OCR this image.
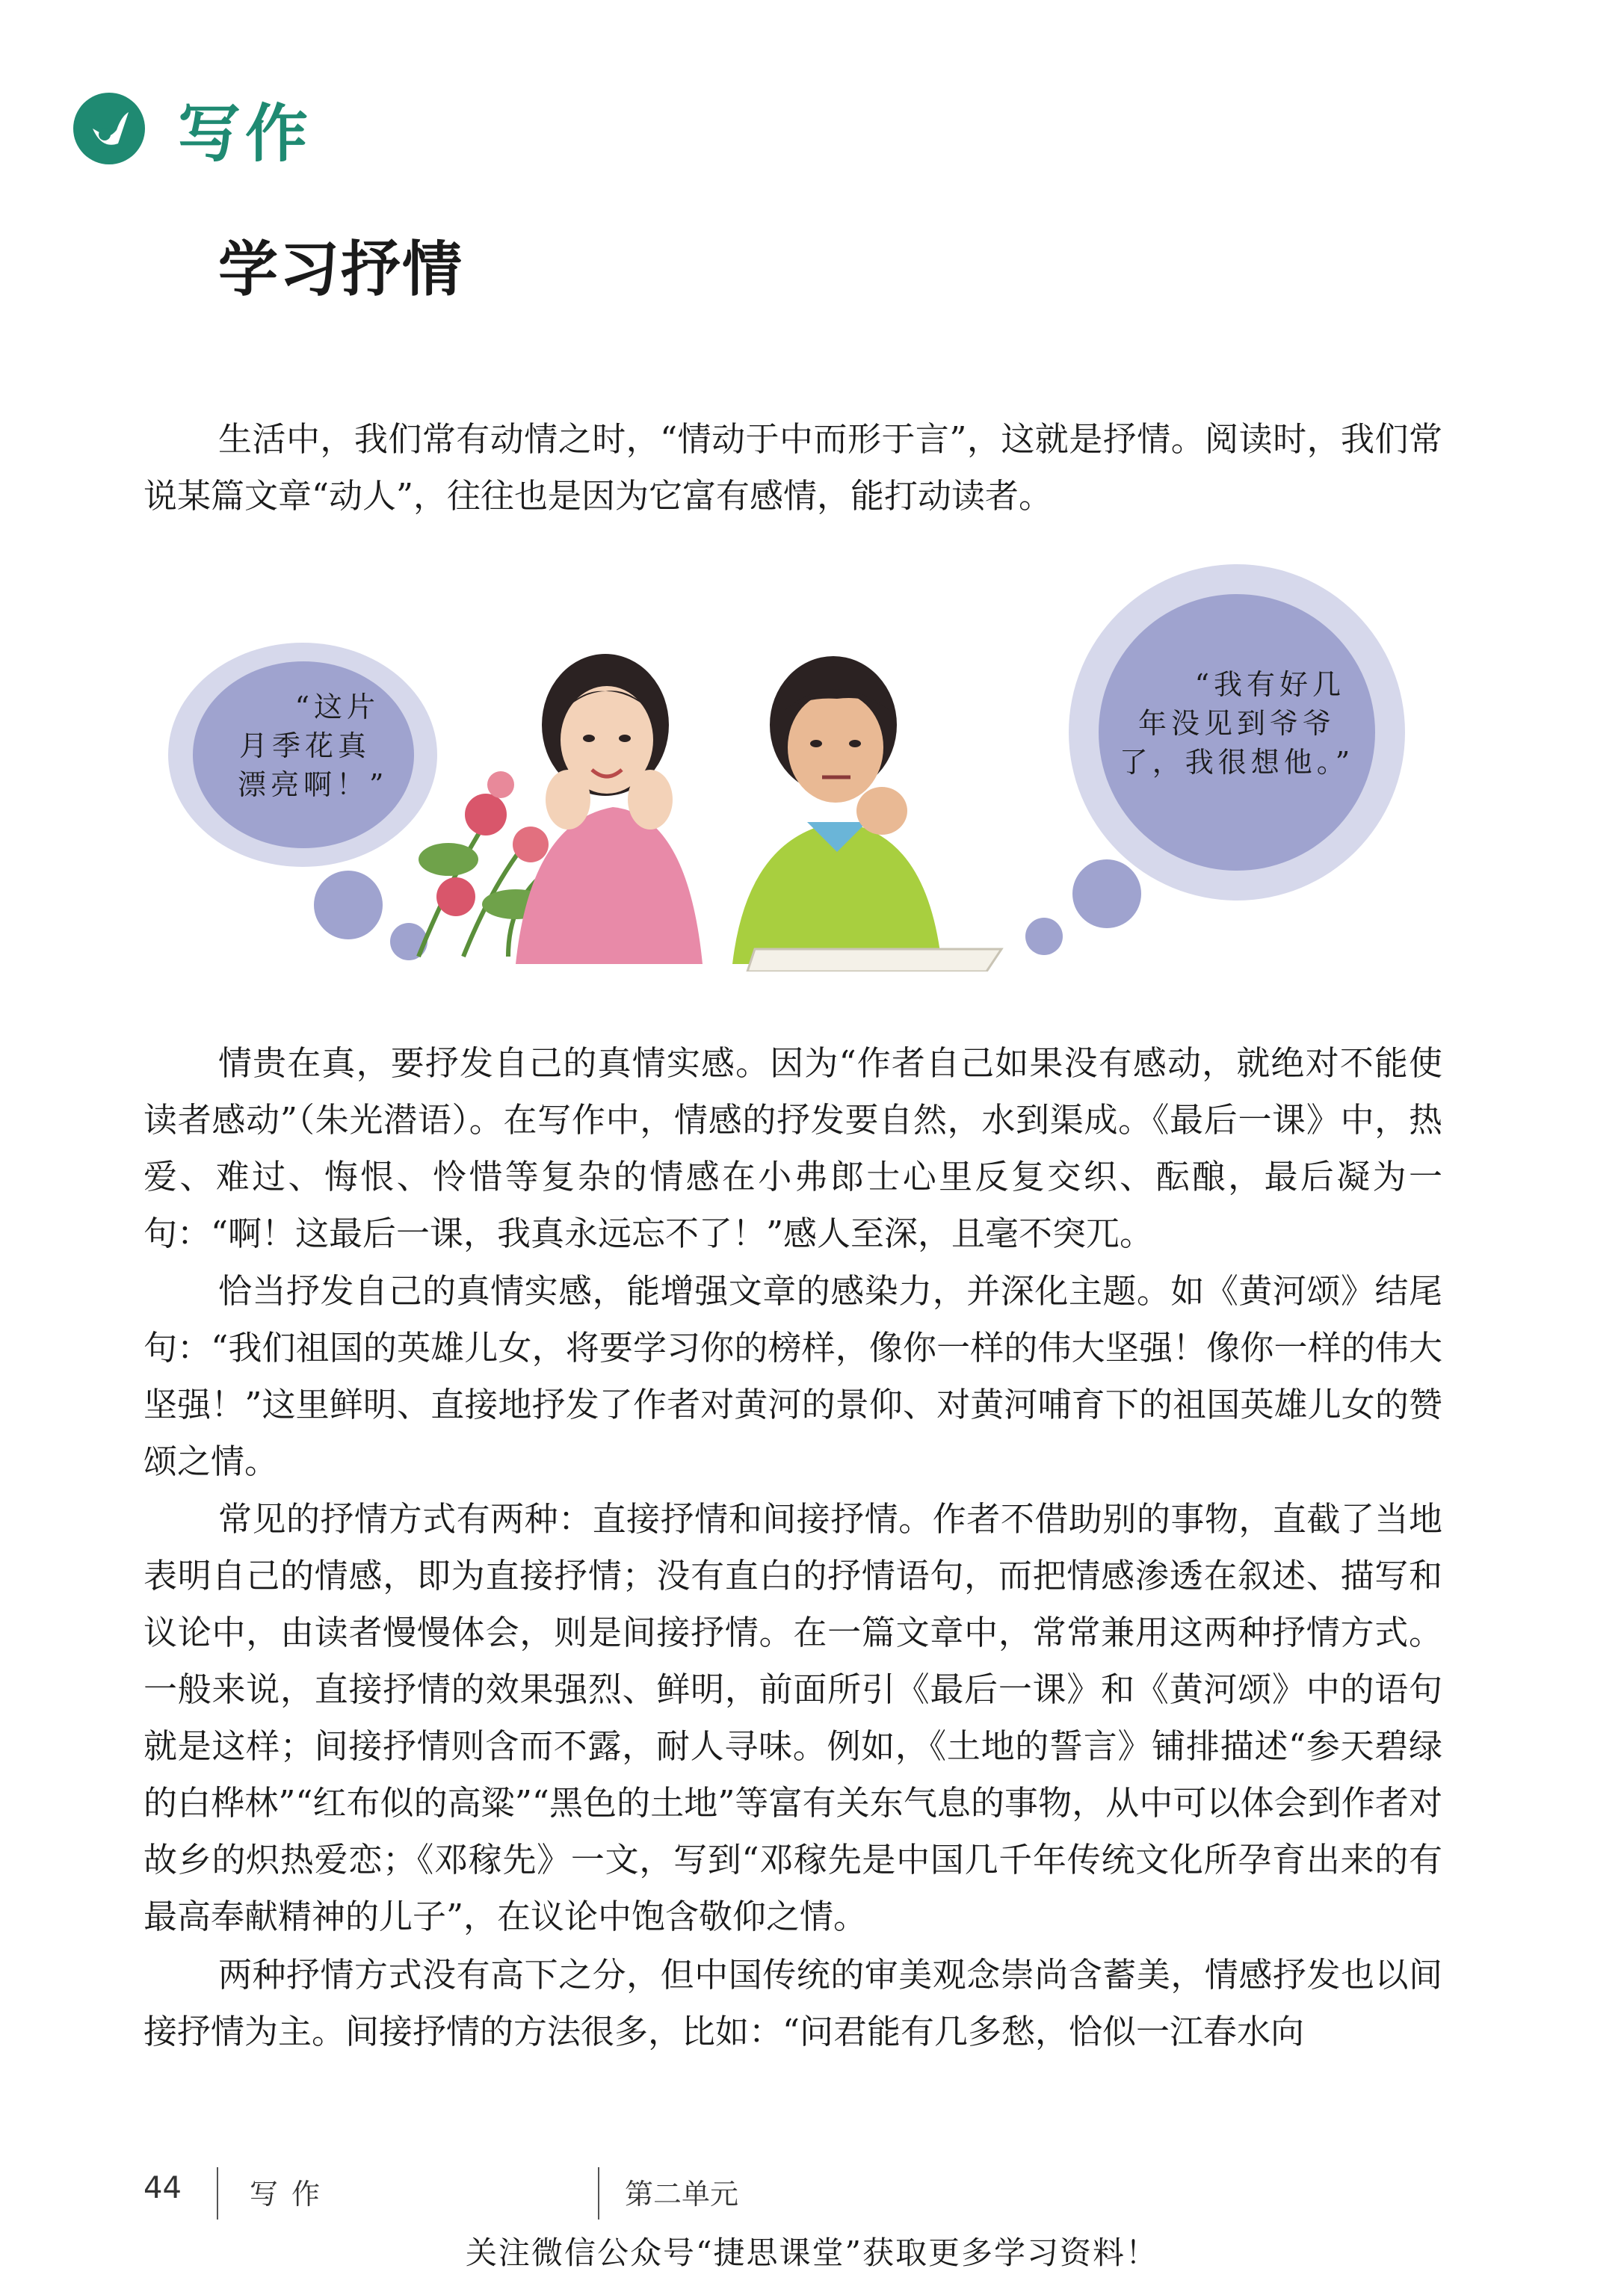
写作
学习抒情

生活中，我们常有动情之时，“情动于中而形于言”，这就是抒情。阅读时，我们常说某篇文章“动人”，往往也是因为它富有感情，能打动读者。

“这片
月季花真
漂亮啊！”
“我有好几
年没见到爷爷
了，我很想他。”

情贵在真，要抒发自己的真情实感。因为“作者自己如果没有感动，就绝对不能使读者感动”（朱光潜语）。在写作中，情感的抒发要自然，水到渠成。《最后一课》中，热爱、难过、悔恨、怜惜等复杂的情感在小弗郎士心里反复交织、酝酿，最后凝为一句：“啊！这最后一课，我真永远忘不了！”感人至深，且毫不突兀。

恰当抒发自己的真情实感，能增强文章的感染力，并深化主题。如《黄河颂》结尾句：“我们祖国的英雄儿女，将要学习你的榜样，像你一样的伟大坚强！像你一样的伟大坚强！”这里鲜明、直接地抒发了作者对黄河的景仰、对黄河哺育下的祖国英雄儿女的赞颂之情。

常见的抒情方式有两种：直接抒情和间接抒情。作者不借助别的事物，直截了当地表明自己的情感，即为直接抒情；没有直白的抒情语句，而把情感渗透在叙述、描写和议论中，由读者慢慢体会，则是间接抒情。在一篇文章中，常常兼用这两种抒情方式。一般来说，直接抒情的效果强烈、鲜明，前面所引《最后一课》和《黄河颂》中的语句就是这样；间接抒情则含而不露，耐人寻味。例如，《土地的誓言》铺排描述“参天碧绿的白桦林”“红布似的高粱”“黑色的土地”等富有关东气息的事物，从中可以体会到作者对故乡的炽热爱恋；《邓稼先》一文，写到“邓稼先是中国几千年传统文化所孕育出来的有最高奉献精神的儿子”，在议论中饱含敬仰之情。

两种抒情方式没有高下之分，但中国传统的审美观念崇尚含蓄美，情感抒发也以间接抒情为主。间接抒情的方法很多，比如：“问君能有几多愁，恰似一江春水向

44 写作	第二单元
关注微信公众号“捷思课堂”获取更多学习资料！
